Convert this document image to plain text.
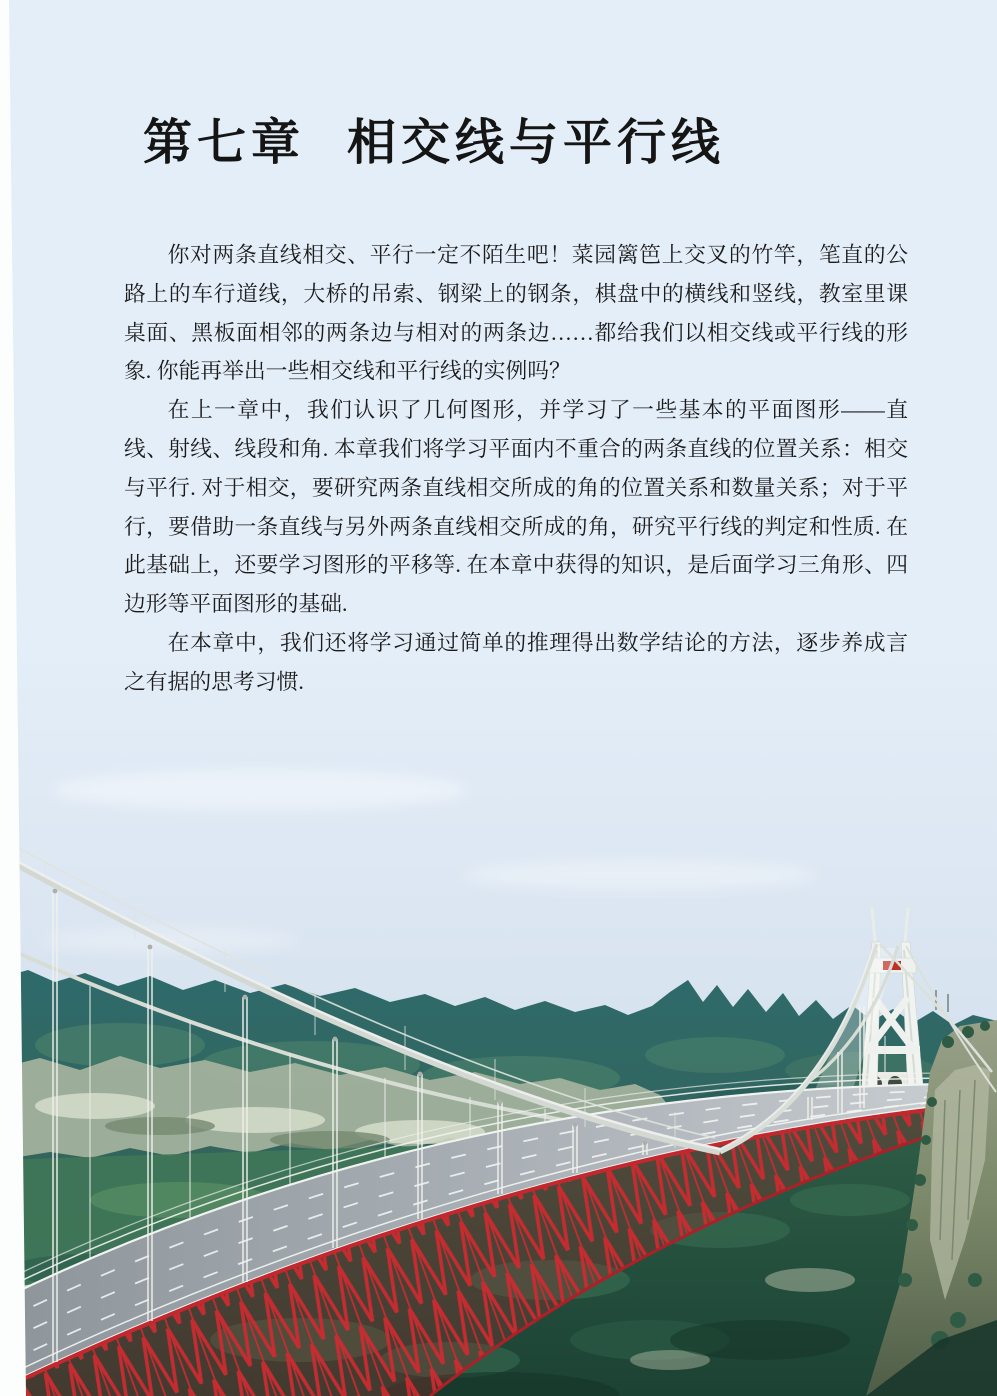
第七章 相交线与平行线

你对两条直线相交、平行一定不陌生吧！菜园篱笆上交叉的竹竿，笔直的公路上的车行道线，大桥的吊索、钢梁上的钢条，棋盘中的横线和竖线，教室里课桌面、黑板面相邻的两条边与相对的两条边……都给我们以相交线或平行线的形象. 你能再举出一些相交线和平行线的实例吗？

在上一章中，我们认识了几何图形，并学习了一些基本的平面图形——直线、射线、线段和角. 本章我们将学习平面内不重合的两条直线的位置关系：相交与平行. 对于相交，要研究两条直线相交所成的角的位置关系和数量关系；对于平行，要借助一条直线与另外两条直线相交所成的角，研究平行线的判定和性质. 在此基础上，还要学习图形的平移等. 在本章中获得的知识，是后面学习三角形、四边形等平面图形的基础.

在本章中，我们还将学习通过简单的推理得出数学结论的方法，逐步养成言之有据的思考习惯.
